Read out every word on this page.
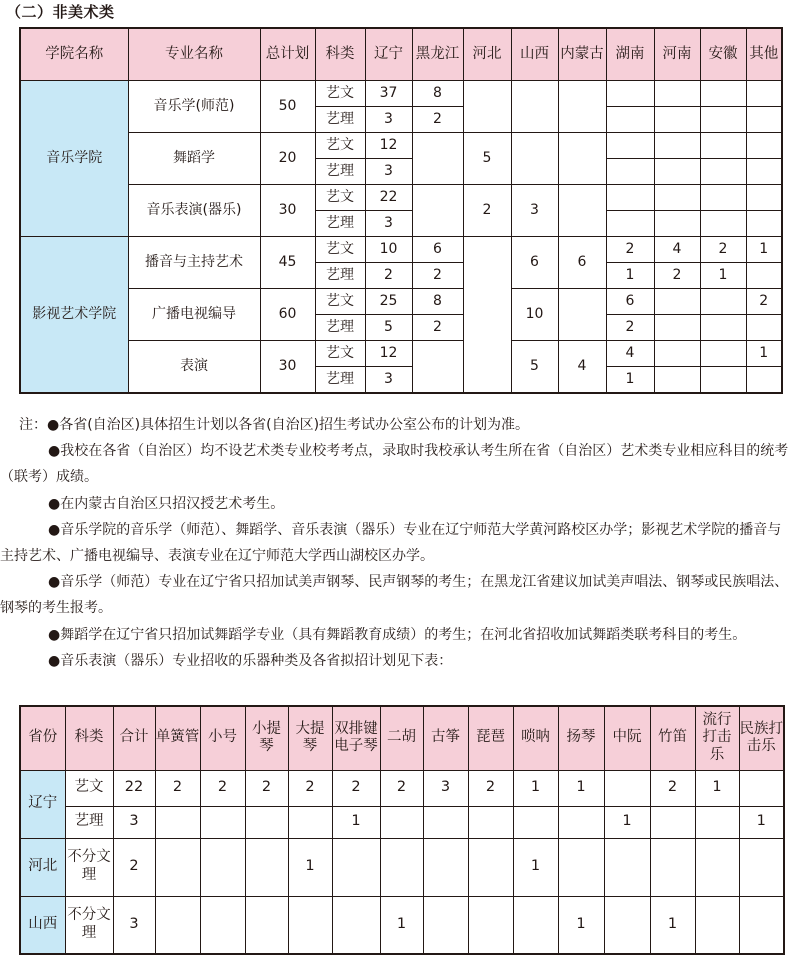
（二）非美术类
学院名称	专业名称	总计划	科类	辽宁	黑龙江	河北	山西	内蒙古	湖南	河南	安徽	其他
音乐学院	音乐学(师范)	50	艺文	37	8							
			艺理	3	2							
	舞蹈学	20	艺文	12		5						
			艺理	3								
	音乐表演(器乐)	30	艺文	22		2	3					
			艺理	3								
影视艺术学院	播音与主持艺术	45	艺文	10	6		6	6	2	4	2	1
			艺理	2	2				1	2	1	
	广播电视编导	60	艺文	25	8		10		6			2
			艺理	5	2				2			
	表演	30	艺文	12			5	4	4			1
			艺理	3					1			

注：●各省(自治区)具体招生计划以各省(自治区)招生考试办公室公布的计划为准。

●我校在各省（自治区）均不设艺术类专业校考考点，录取时我校承认考生所在省（自治区）艺术类专业相应科目的统考（联考）成绩。

●在内蒙古自治区只招汉授艺术考生。

●音乐学院的音乐学（师范）、舞蹈学、音乐表演（器乐）专业在辽宁师范大学黄河路校区办学；影视艺术学院的播音与主持艺术、广播电视编导、表演专业在辽宁师范大学西山湖校区办学。

●音乐学（师范）专业在辽宁省只招加试美声钢琴、民声钢琴的考生；在黑龙江省建议加试美声唱法、钢琴或民族唱法、钢琴的考生报考。

●舞蹈学在辽宁省只招加试舞蹈学专业（具有舞蹈教育成绩）的考生；在河北省招收加试舞蹈类联考科目的考生。

●音乐表演（器乐）专业招收的乐器种类及各省拟招计划见下表：

省份	科类	合计	单簧管	小号	小提琴	大提琴	双排键电子琴	二胡	古筝	琵琶	唢呐	扬琴	中阮	竹笛	流行打击乐	民族打击乐
辽宁	艺文	22	2	2	2	2	2	2	3	2	1	1		2	1	
	艺理	3					1						1			1
河北	不分文理	2				1					1					
山西	不分文理	3						1				1		1		
